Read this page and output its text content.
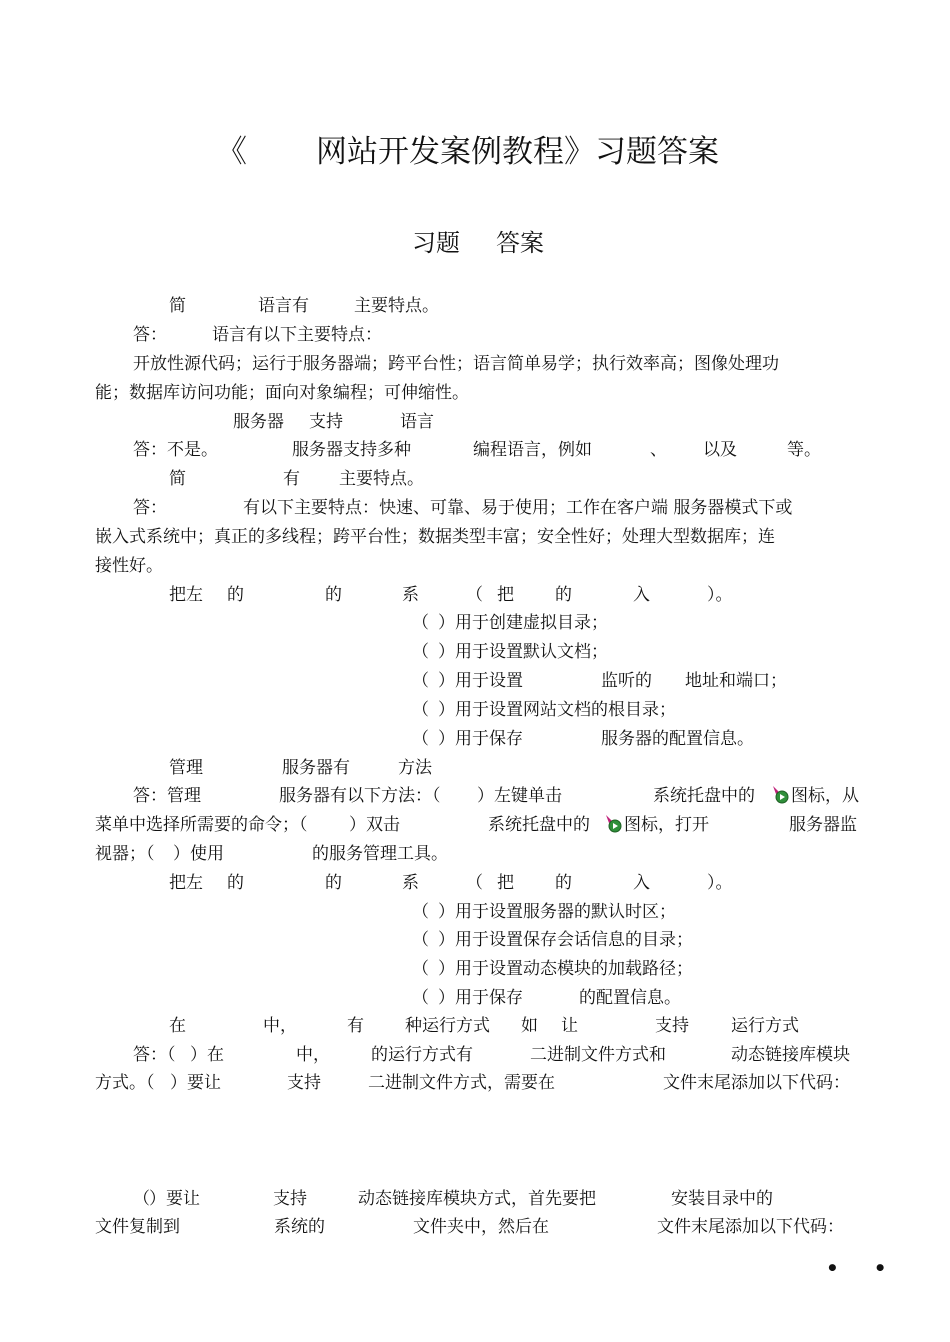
《 网站开发案例教程》习题答案
习题 答案
简	语言有	主要特点。
答：	语言有以下主要特点：
开放性源代码；运行于服务器端；跨平台性；语言简单易学；执行效率高；图像处理功
能；数据库访问功能；面向对象编程；可伸缩性。
服务器 支持	语言
答：不是。	服务器支持多种	编程语言，例如	、 以及	等。
简	有 主要特点。
答：	有以下主要特点：快速、可靠、易于使用；工作在客户端 服务器模式下或
嵌入式系统中；真正的多线程；跨平台性；数据类型丰富；安全性好；处理大型数据库；连
接性好。
把左 的	的	系	（ 把 的	入	）。
（ ）用于创建虚拟目录；
（ ）用于设置默认文档；
（ ）用于设置	监听的 地址和端口；
（ ）用于设置网站文档的根目录；
（ ）用于保存	服务器的配置信息。
管理	服务器有	方法
答：管理	服务器有以下方法：（ ）左键单击	系统托盘中的 图标，从
菜单中选择所需要的命令；（ ）双击	系统托盘中的 图标，打开	服务器监
视器；（ ）使用	的服务管理工具。
把左 的	的	系	（ 把 的	入	）。
（ ）用于设置服务器的默认时区；
（ ）用于设置保存会话信息的目录；
（ ）用于设置动态模块的加载路径；
（ ）用于保存	的配置信息。
在	中，	有 种运行方式 如 让	支持 运行方式
答：（ ）在	中， 的运行方式有	二进制文件方式和	动态链接库模块
方式。（ ）要让	支持	二进制文件方式，需要在	文件末尾添加以下代码：
（ ）要让	支持	动态链接库模块方式，首先要把	安装目录中的
文件复制到	系统的	文件夹中，然后在	文件末尾添加以下代码：
• •
